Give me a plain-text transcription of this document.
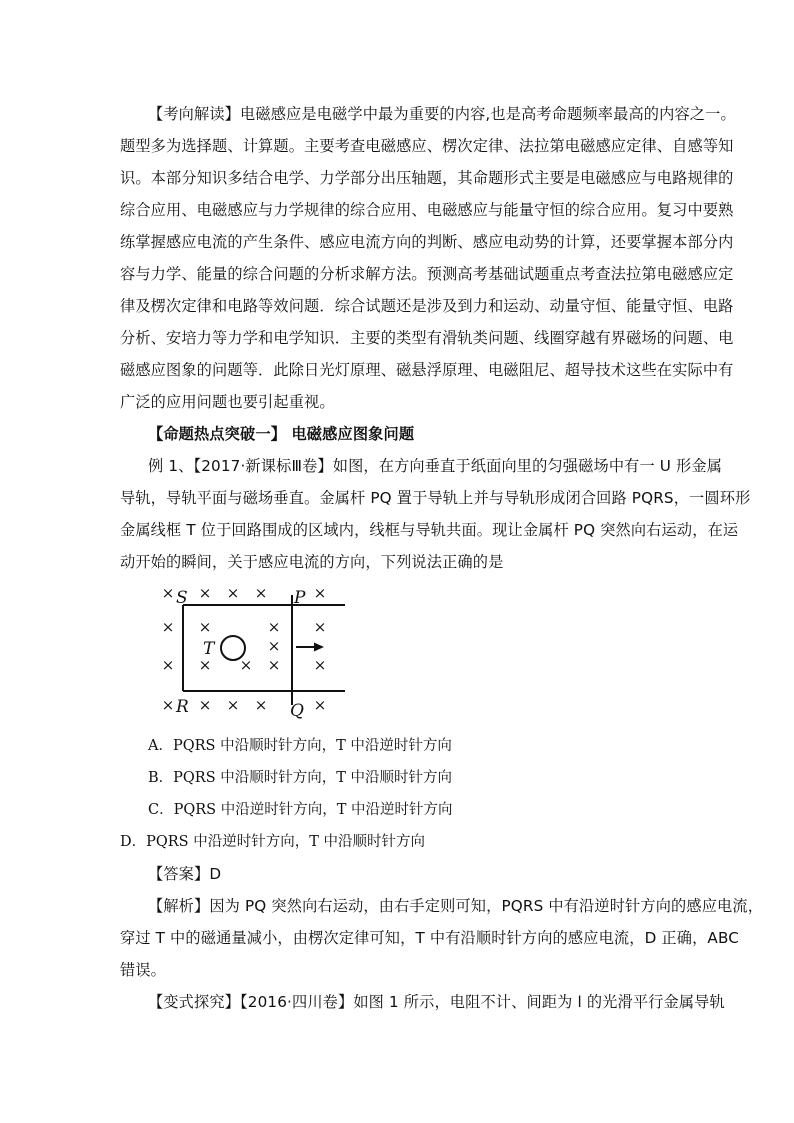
【考向解读】电磁感应是电磁学中最为重要的内容,也是高考命题频率最高的内容之一。
题型多为选择题、计算题。主要考查电磁感应、楞次定律、法拉第电磁感应定律、自感等知
识。本部分知识多结合电学、力学部分出压轴题，其命题形式主要是电磁感应与电路规律的
综合应用、电磁感应与力学规律的综合应用、电磁感应与能量守恒的综合应用。复习中要熟
练掌握感应电流的产生条件、感应电流方向的判断、感应电动势的计算，还要掌握本部分内
容与力学、能量的综合问题的分析求解方法。预测高考基础试题重点考查法拉第电磁感应定
律及楞次定律和电路等效问题．综合试题还是涉及到力和运动、动量守恒、能量守恒、电路
分析、安培力等力学和电学知识．主要的类型有滑轨类问题、线圈穿越有界磁场的问题、电
磁感应图象的问题等．此除日光灯原理、磁悬浮原理、电磁阻尼、超导技术这些在实际中有
广泛的应用问题也要引起重视。
【命题热点突破一】 电磁感应图象问题
例 1、【2017·新课标Ⅲ卷】如图，在方向垂直于纸面向里的匀强磁场中有一 U 形金属
导轨，导轨平面与磁场垂直。金属杆 PQ 置于导轨上并与导轨形成闭合回路 PQRS，一圆环形
金属线框 T 位于回路围成的区域内，线框与导轨共面。现让金属杆 PQ 突然向右运动，在运
动开始的瞬间，关于感应电流的方向，下列说法正确的是
× × × ×	×
× ×	× ×
×
× × × × ×
× × × ×	×
S	P
T
R	Q
A．PQRS 中沿顺时针方向，T 中沿逆时针方向
B．PQRS 中沿顺时针方向，T 中沿顺时针方向
C．PQRS 中沿逆时针方向，T 中沿逆时针方向
D．PQRS 中沿逆时针方向，T 中沿顺时针方向
【答案】D
【解析】因为 PQ 突然向右运动，由右手定则可知，PQRS 中有沿逆时针方向的感应电流，
穿过 T 中的磁通量减小，由楞次定律可知，T 中有沿顺时针方向的感应电流，D 正确，ABC
错误。
【变式探究】【2016·四川卷】如图 1 所示，电阻不计、间距为 l 的光滑平行金属导轨
